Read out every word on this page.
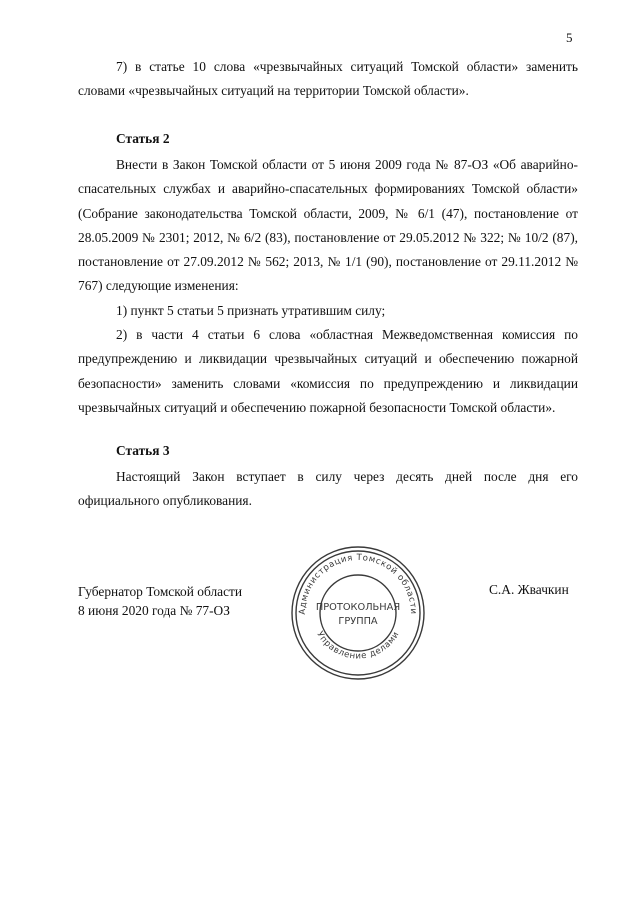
5

7) в статье 10 слова «чрезвычайных ситуаций Томской области» заменить словами «чрезвычайных ситуаций на территории Томской области».

Статья 2

Внести в Закон Томской области от 5 июня 2009 года № 87-ОЗ «Об аварийно-спасательных службах и аварийно-спасательных формированиях Томской области» (Собрание законодательства Томской области, 2009, № 6/1 (47), постановление от 28.05.2009 № 2301; 2012, № 6/2 (83), постановление от 29.05.2012 № 322; № 10/2 (87), постановление от 27.09.2012 № 562; 2013, № 1/1 (90), постановление от 29.11.2012 № 767) следующие изменения:

1) пункт 5 статьи 5 признать утратившим силу;

2) в части 4 статьи 6 слова «областная Межведомственная комиссия по предупреждению и ликвидации чрезвычайных ситуаций и обеспечению пожарной безопасности» заменить словами «комиссия по предупреждению и ликвидации чрезвычайных ситуаций и обеспечению пожарной безопасности Томской области».

Статья 3

Настоящий Закон вступает в силу через десять дней после дня его официального опубликования.

Губернатор Томской области
8 июня 2020 года № 77-ОЗ
С.А. Жвачкин
Администрация Томской области
Управление делами
ПРОТОКОЛЬНАЯ
ГРУППА
